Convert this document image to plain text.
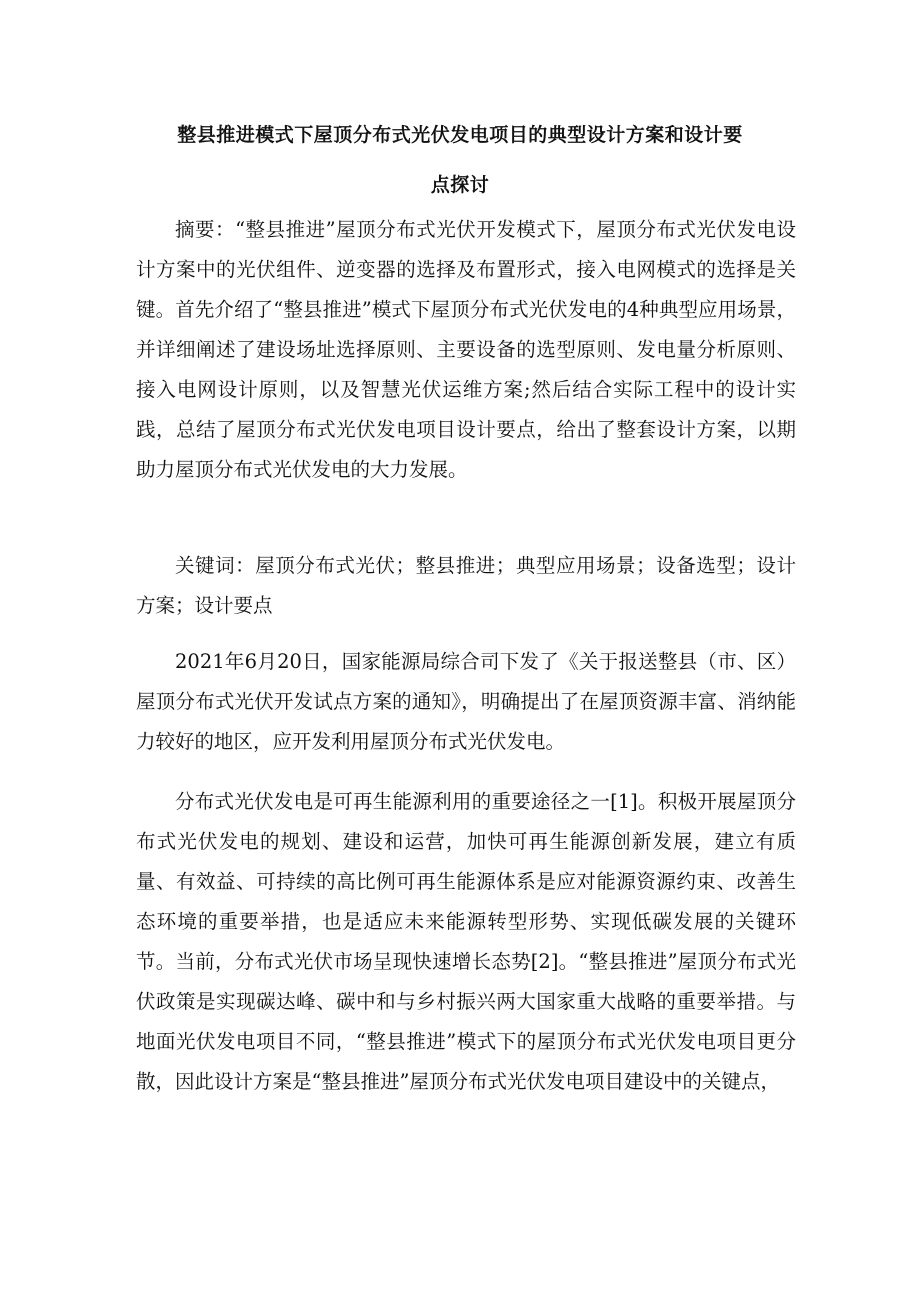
整县推进模式下屋顶分布式光伏发电项目的典型设计方案和设计要
点探讨

摘要：“整县推进”屋顶分布式光伏开发模式下，屋顶分布式光伏发电设计方案中的光伏组件、逆变器的选择及布置形式，接入电网模式的选择是关键。首先介绍了“整县推进”模式下屋顶分布式光伏发电的4种典型应用场景，并详细阐述了建设场址选择原则、主要设备的选型原则、发电量分析原则、接入电网设计原则，以及智慧光伏运维方案;然后结合实际工程中的设计实践，总结了屋顶分布式光伏发电项目设计要点，给出了整套设计方案，以期助力屋顶分布式光伏发电的大力发展。

关键词：屋顶分布式光伏；整县推进；典型应用场景；设备选型；设计方案；设计要点

2021年6月20日，国家能源局综合司下发了《关于报送整县（市、区）屋顶分布式光伏开发试点方案的通知》，明确提出了在屋顶资源丰富、消纳能力较好的地区，应开发利用屋顶分布式光伏发电。

分布式光伏发电是可再生能源利用的重要途径之一[1]。积极开展屋顶分布式光伏发电的规划、建设和运营，加快可再生能源创新发展，建立有质量、有效益、可持续的高比例可再生能源体系是应对能源资源约束、改善生态环境的重要举措，也是适应未来能源转型形势、实现低碳发展的关键环节。当前，分布式光伏市场呈现快速增长态势[2]。“整县推进”屋顶分布式光伏政策是实现碳达峰、碳中和与乡村振兴两大国家重大战略的重要举措。与地面光伏发电项目不同，“整县推进”模式下的屋顶分布式光伏发电项目更分散，因此设计方案是“整县推进”屋顶分布式光伏发电项目建设中的关键点，
